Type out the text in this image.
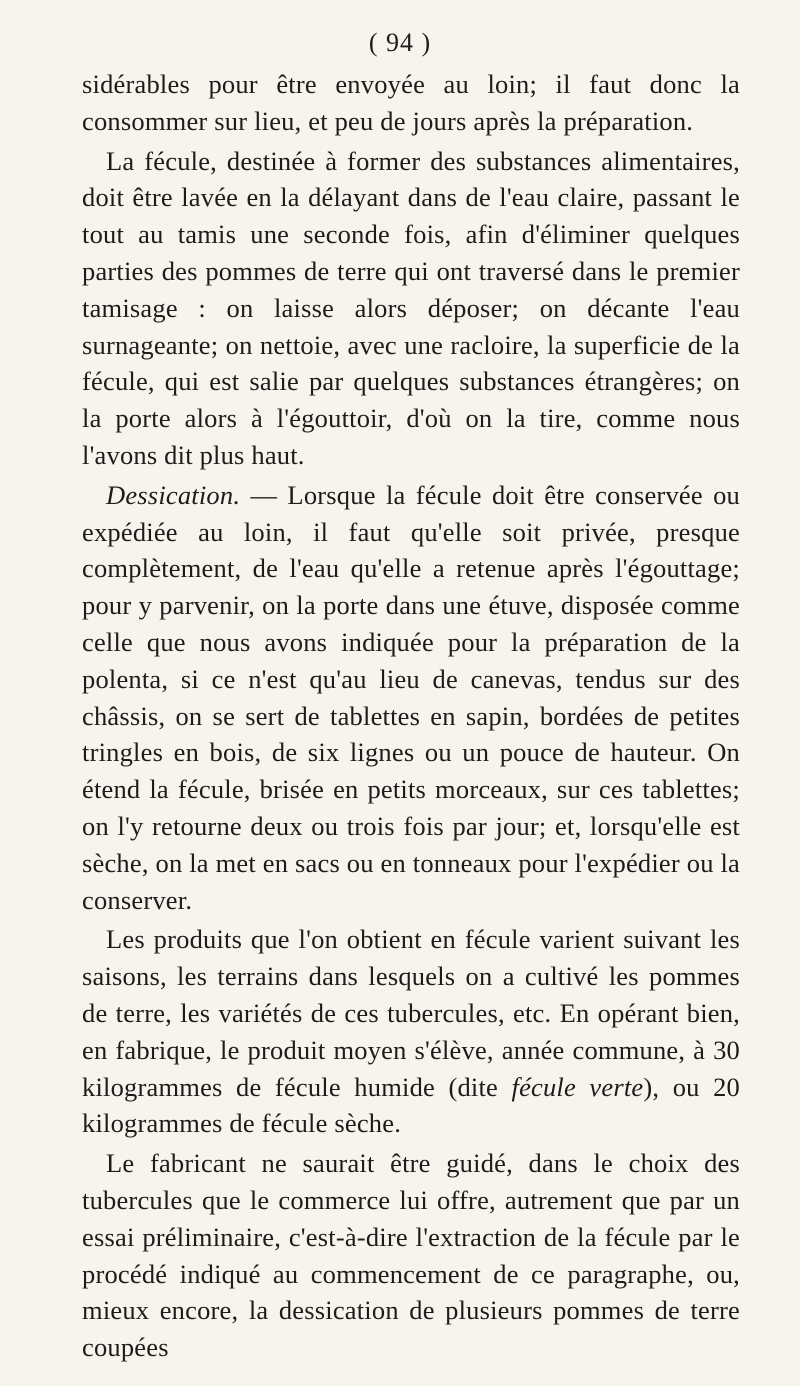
( 94 )

sidérables pour être envoyée au loin; il faut donc la consommer sur lieu, et peu de jours après la préparation.

La fécule, destinée à former des substances alimentaires, doit être lavée en la délayant dans de l'eau claire, passant le tout au tamis une seconde fois, afin d'éliminer quelques parties des pommes de terre qui ont traversé dans le premier tamisage : on laisse alors déposer; on décante l'eau surnageante; on nettoie, avec une racloire, la superficie de la fécule, qui est salie par quelques substances étrangères; on la porte alors à l'égouttoir, d'où on la tire, comme nous l'avons dit plus haut.

Dessication. — Lorsque la fécule doit être conservée ou expédiée au loin, il faut qu'elle soit privée, presque complètement, de l'eau qu'elle a retenue après l'égouttage; pour y parvenir, on la porte dans une étuve, disposée comme celle que nous avons indiquée pour la préparation de la polenta, si ce n'est qu'au lieu de canevas, tendus sur des châssis, on se sert de tablettes en sapin, bordées de petites tringles en bois, de six lignes ou un pouce de hauteur. On étend la fécule, brisée en petits morceaux, sur ces tablettes; on l'y retourne deux ou trois fois par jour; et, lorsqu'elle est sèche, on la met en sacs ou en tonneaux pour l'expédier ou la conserver.

Les produits que l'on obtient en fécule varient suivant les saisons, les terrains dans lesquels on a cultivé les pommes de terre, les variétés de ces tubercules, etc. En opérant bien, en fabrique, le produit moyen s'élève, année commune, à 30 kilogrammes de fécule humide (dite fécule verte), ou 20 kilogrammes de fécule sèche.

Le fabricant ne saurait être guidé, dans le choix des tubercules que le commerce lui offre, autrement que par un essai préliminaire, c'est-à-dire l'extraction de la fécule par le procédé indiqué au commencement de ce paragraphe, ou, mieux encore, la dessication de plusieurs pommes de terre coupées
